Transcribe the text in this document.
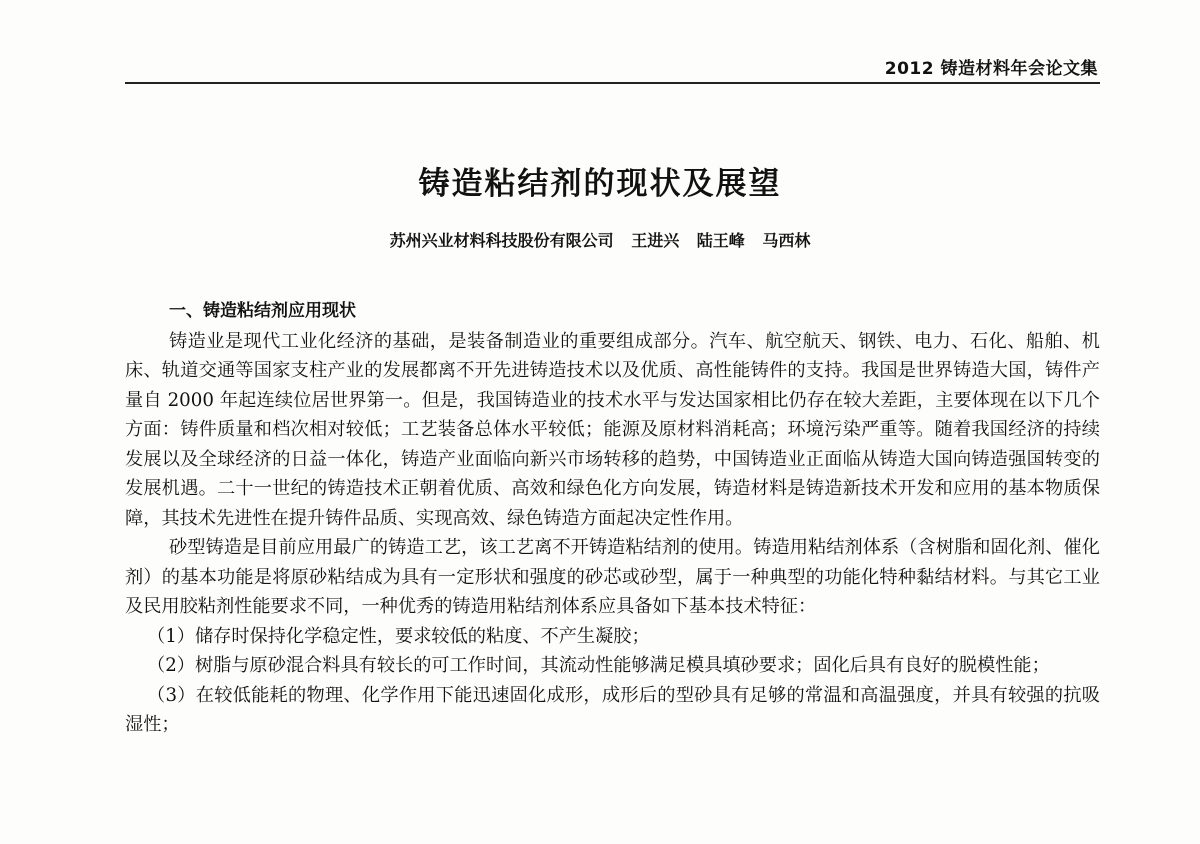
2012 铸造材料年会论文集
铸造粘结剂的现状及展望
苏州兴业材料科技股份有限公司 王进兴 陆王峰 马西林
一、铸造粘结剂应用现状

铸造业是现代工业化经济的基础，是装备制造业的重要组成部分。汽车、航空航天、钢铁、电力、石化、船舶、机床、轨道交通等国家支柱产业的发展都离不开先进铸造技术以及优质、高性能铸件的支持。我国是世界铸造大国，铸件产量自 2000 年起连续位居世界第一。但是，我国铸造业的技术水平与发达国家相比仍存在较大差距，主要体现在以下几个方面：铸件质量和档次相对较低；工艺装备总体水平较低；能源及原材料消耗高；环境污染严重等。随着我国经济的持续发展以及全球经济的日益一体化，铸造产业面临向新兴市场转移的趋势，中国铸造业正面临从铸造大国向铸造强国转变的发展机遇。二十一世纪的铸造技术正朝着优质、高效和绿色化方向发展，铸造材料是铸造新技术开发和应用的基本物质保障，其技术先进性在提升铸件品质、实现高效、绿色铸造方面起决定性作用。

砂型铸造是目前应用最广的铸造工艺，该工艺离不开铸造粘结剂的使用。铸造用粘结剂体系（含树脂和固化剂、催化剂）的基本功能是将原砂粘结成为具有一定形状和强度的砂芯或砂型，属于一种典型的功能化特种黏结材料。与其它工业及民用胶粘剂性能要求不同，一种优秀的铸造用粘结剂体系应具备如下基本技术特征：

（1）储存时保持化学稳定性，要求较低的粘度、不产生凝胶；

（2）树脂与原砂混合料具有较长的可工作时间，其流动性能够满足模具填砂要求；固化后具有良好的脱模性能；

（3）在较低能耗的物理、化学作用下能迅速固化成形，成形后的型砂具有足够的常温和高温强度，并具有较强的抗吸湿性；
